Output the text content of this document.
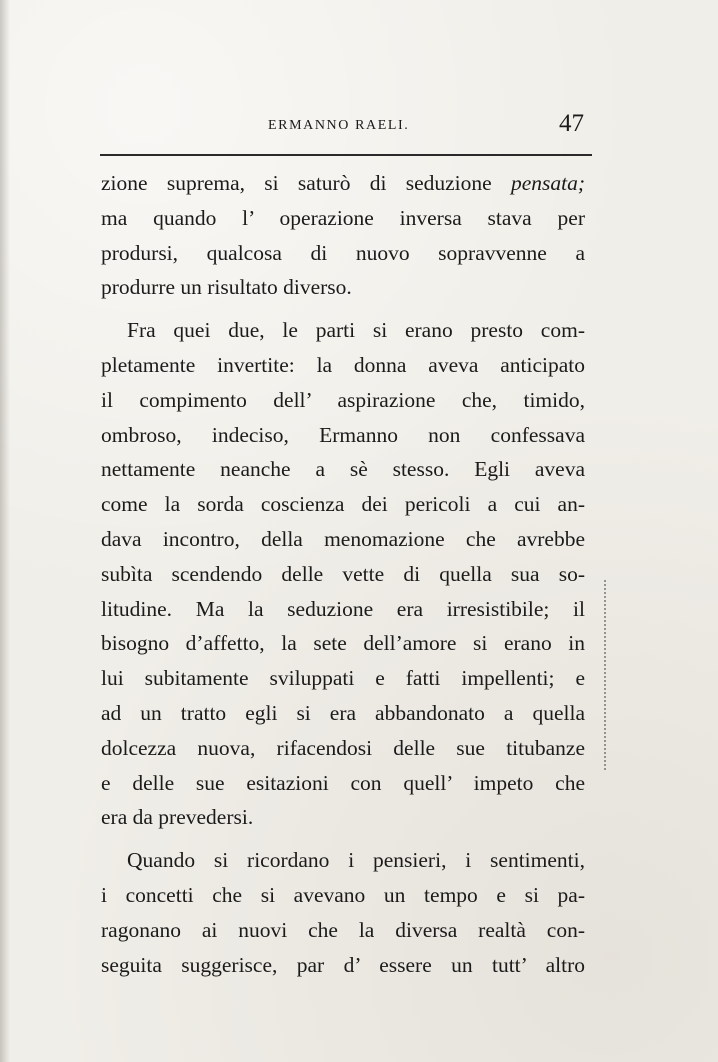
ERMANNO RAELI.	47
zione suprema, si saturò di seduzione pensata;
ma quando l’ operazione inversa stava per
prodursi, qualcosa di nuovo sopravvenne a
produrre un risultato diverso.
Fra quei due, le parti si erano presto com-
pletamente invertite: la donna aveva anticipato
il compimento dell’ aspirazione che, timido,
ombroso, indeciso, Ermanno non confessava
nettamente neanche a sè stesso. Egli aveva
come la sorda coscienza dei pericoli a cui an-
dava incontro, della menomazione che avrebbe
subìta scendendo delle vette di quella sua so-
litudine. Ma la seduzione era irresistibile; il
bisogno d’affetto, la sete dell’amore si erano in
lui subitamente sviluppati e fatti impellenti; e
ad un tratto egli si era abbandonato a quella
dolcezza nuova, rifacendosi delle sue titubanze
e delle sue esitazioni con quell’ impeto che
era da prevedersi.
Quando si ricordano i pensieri, i sentimenti,
i concetti che si avevano un tempo e si pa-
ragonano ai nuovi che la diversa realtà con-
seguita suggerisce, par d’ essere un tutt’ altro
